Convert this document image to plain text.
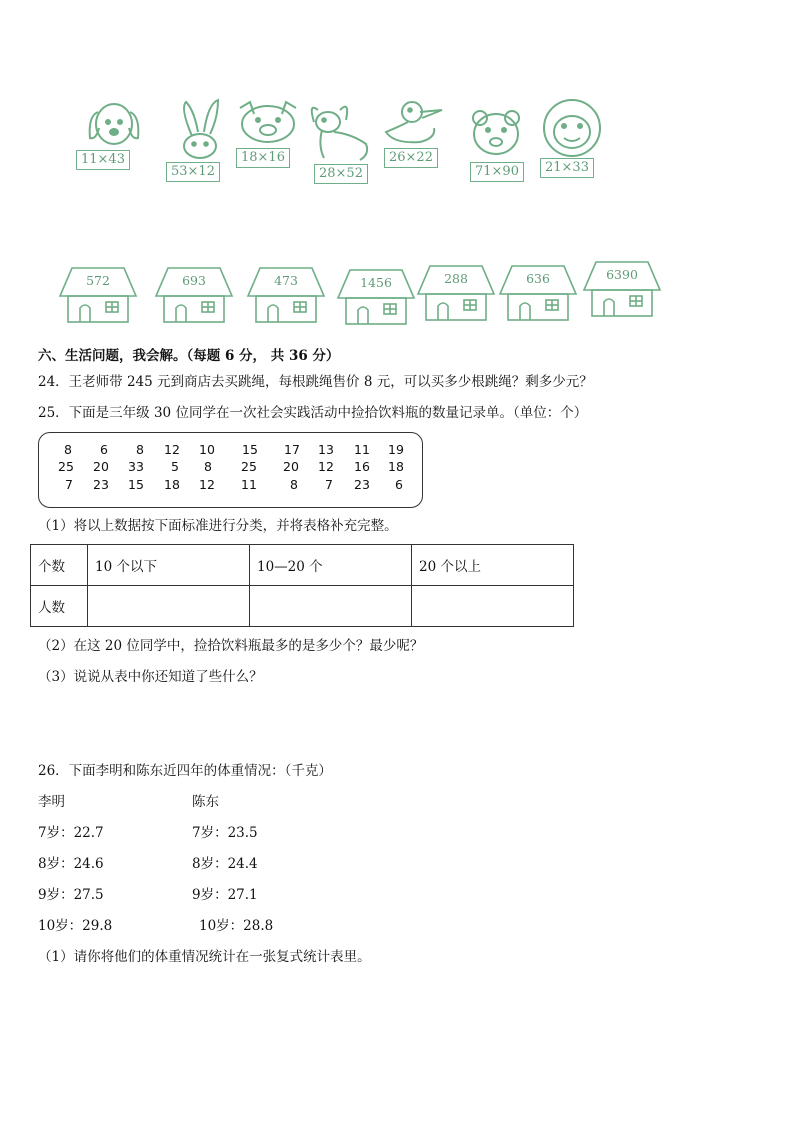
11×43
53×12
18×16
28×52
26×22
71×90	21×33
572	693	473	1456	288	636	6390
六、生活问题，我会解。（每题 6 分， 共 36 分）
24．王老师带 245 元到商店去买跳绳，每根跳绳售价 8 元，可以买多少根跳绳？剩多少元？
25．下面是三年级 30 位同学在一次社会实践活动中捡拾饮料瓶的数量记录单。（单位：个）
8	6	8	12	10	15	17	13	11	19
25	20	33	5	8	25	20	12	16	18
7	23	15	18	12	11	8	7	23	6
（1）将以上数据按下面标准进行分类，并将表格补充完整。
个数	10 个以下	10—20 个	20 个以上
人数			
（2）在这 20 位同学中，捡拾饮料瓶最多的是多少个？最少呢？
（3）说说从表中你还知道了些什么？
26．下面李明和陈东近四年的体重情况：（千克）
李明	陈东
7岁：22.7	7岁：23.5
8岁：24.6	8岁：24.4
9岁：27.5	9岁：27.1
10岁：29.8	10岁：28.8
（1）请你将他们的体重情况统计在一张复式统计表里。
